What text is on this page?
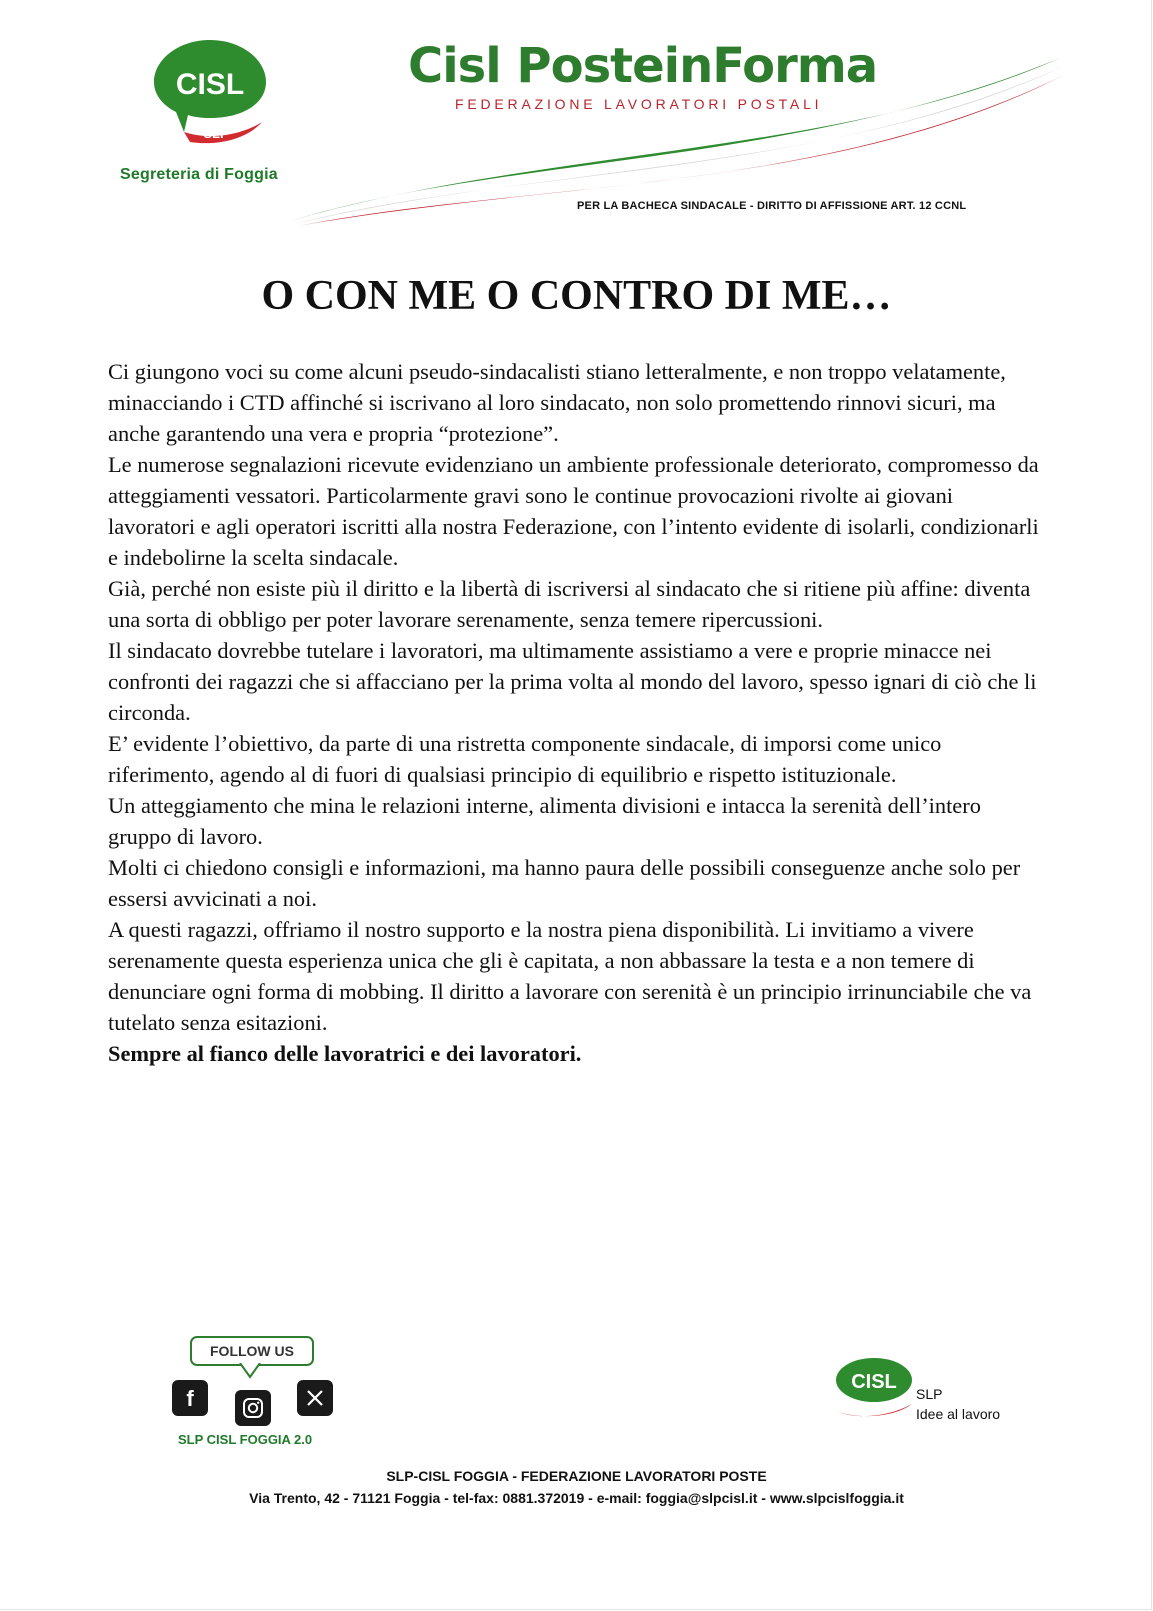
CISL
SLP
Segreteria di Foggia
Cisl PosteinForma
FEDERAZIONE LAVORATORI POSTALI
PER LA BACHECA SINDACALE - DIRITTO DI AFFISSIONE ART. 12 CCNL
O CON ME O CONTRO DI ME…

Ci giungono voci su come alcuni pseudo-sindacalisti stiano letteralmente, e non troppo velatamente, minacciando i CTD affinché si iscrivano al loro sindacato, non solo promettendo rinnovi sicuri, ma anche garantendo una vera e propria “protezione”.

Le numerose segnalazioni ricevute evidenziano un ambiente professionale deteriorato, compromesso da atteggiamenti vessatori. Particolarmente gravi sono le continue provocazioni rivolte ai giovani lavoratori e agli operatori iscritti alla nostra Federazione, con l’intento evidente di isolarli, condizionarli e indebolirne la scelta sindacale.

Già, perché non esiste più il diritto e la libertà di iscriversi al sindacato che si ritiene più affine: diventa una sorta di obbligo per poter lavorare serenamente, senza temere ripercussioni.

Il sindacato dovrebbe tutelare i lavoratori, ma ultimamente assistiamo a vere e proprie minacce nei confronti dei ragazzi che si affacciano per la prima volta al mondo del lavoro, spesso ignari di ciò che li circonda.

E’ evidente l’obiettivo, da parte di una ristretta componente sindacale, di imporsi come unico riferimento, agendo al di fuori di qualsiasi principio di equilibrio e rispetto istituzionale.

Un atteggiamento che mina le relazioni interne, alimenta divisioni e intacca la serenità dell’intero gruppo di lavoro.

Molti ci chiedono consigli e informazioni, ma hanno paura delle possibili conseguenze anche solo per essersi avvicinati a noi.

A questi ragazzi, offriamo il nostro supporto e la nostra piena disponibilità. Li invitiamo a vivere serenamente questa esperienza unica che gli è capitata, a non abbassare la testa e a non temere di denunciare ogni forma di mobbing. Il diritto a lavorare con serenità è un principio irrinunciabile che va tutelato senza esitazioni.

Sempre al fianco delle lavoratrici e dei lavoratori.

FOLLOW US
f
SLP CISL FOGGIA 2.0
CISL
SLP
Idee al lavoro
SLP-CISL FOGGIA - FEDERAZIONE LAVORATORI POSTE
Via Trento, 42 - 71121 Foggia - tel-fax: 0881.372019 - e-mail: foggia@slpcisl.it - www.slpcislfoggia.it
